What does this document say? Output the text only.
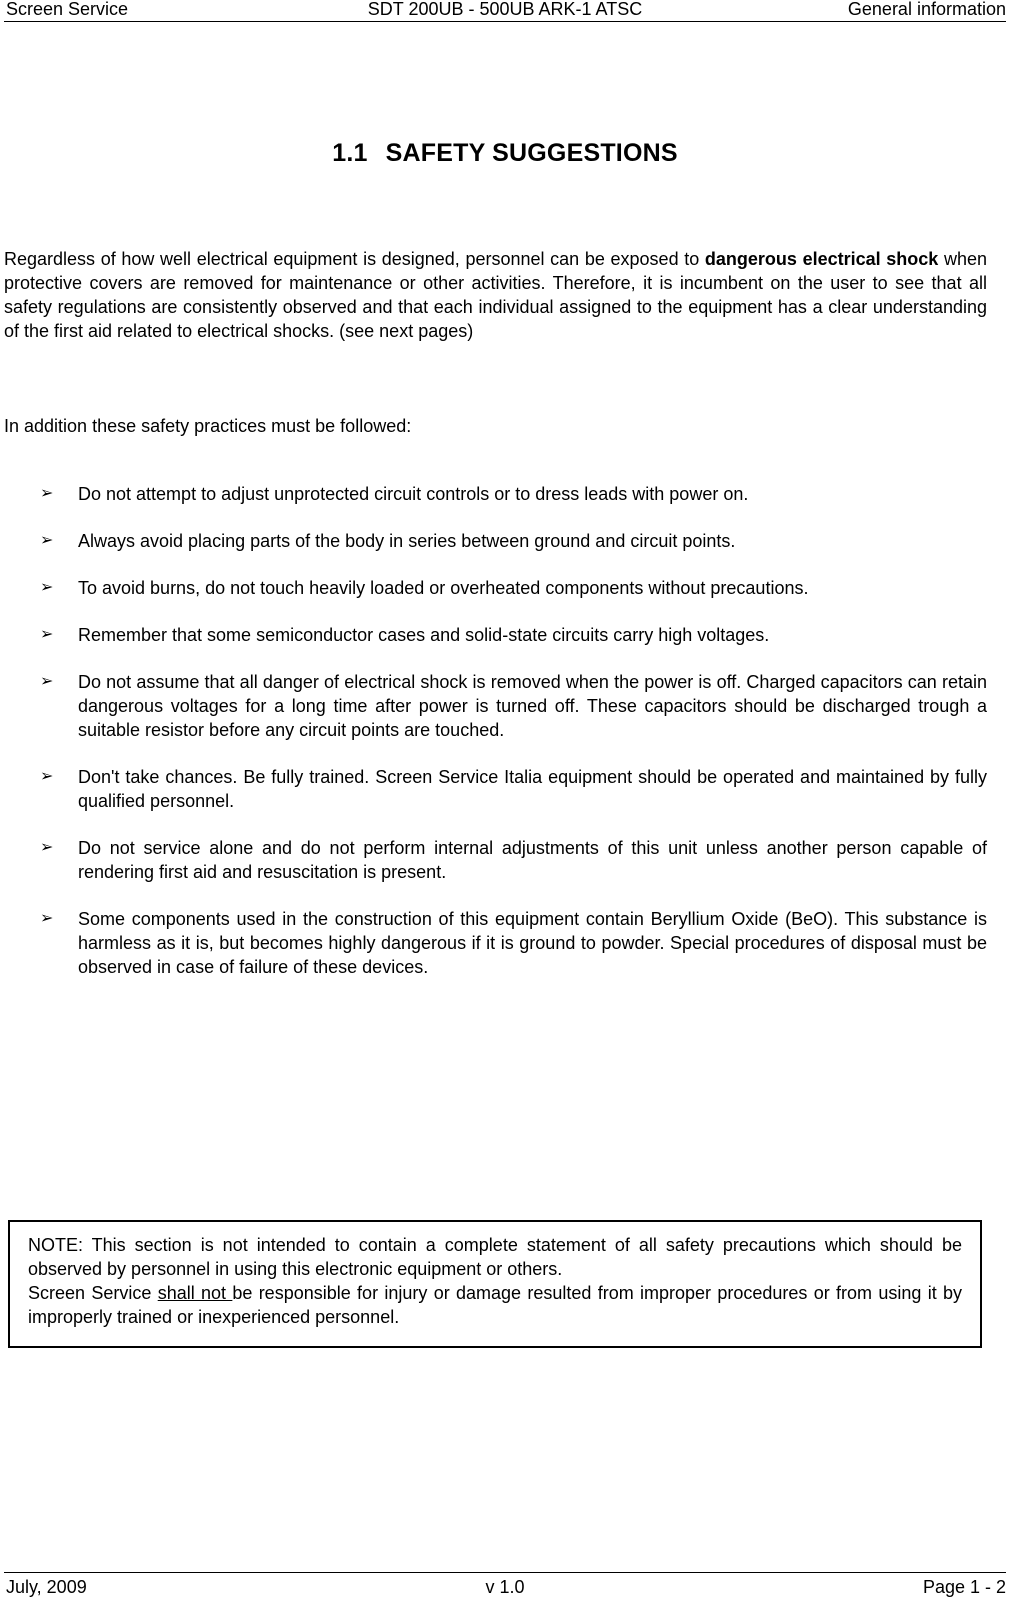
Screen Service	SDT 200UB - 500UB ARK-1 ATSC	General information
1.1 SAFETY SUGGESTIONS
Regardless of how well electrical equipment is designed, personnel can be exposed to dangerous electrical shock when protective covers are removed for maintenance or other activities. Therefore, it is incumbent on the user to see that all safety regulations are consistently observed and that each individual assigned to the equipment has a clear understanding of the first aid related to electrical shocks. (see next pages)
In addition these safety practices must be followed:
➢ Do not attempt to adjust unprotected circuit controls or to dress leads with power on.
➢ Always avoid placing parts of the body in series between ground and circuit points.
➢ To avoid burns, do not touch heavily loaded or overheated components without precautions.
➢ Remember that some semiconductor cases and solid-state circuits carry high voltages.
➢ Do not assume that all danger of electrical shock is removed when the power is off. Charged capacitors can retain dangerous voltages for a long time after power is turned off. These capacitors should be discharged trough a suitable resistor before any circuit points are touched.
➢ Don't take chances. Be fully trained. Screen Service Italia equipment should be operated and maintained by fully qualified personnel.
➢ Do not service alone and do not perform internal adjustments of this unit unless another person capable of rendering first aid and resuscitation is present.
➢ Some components used in the construction of this equipment contain Beryllium Oxide (BeO). This substance is harmless as it is, but becomes highly dangerous if it is ground to powder. Special procedures of disposal must be observed in case of failure of these devices.
NOTE: This section is not intended to contain a complete statement of all safety precautions which should be observed by personnel in using this electronic equipment or others.
Screen Service shall not be responsible for injury or damage resulted from improper procedures or from using it by improperly trained or inexperienced personnel.
July, 2009	v 1.0	Page 1 - 2
